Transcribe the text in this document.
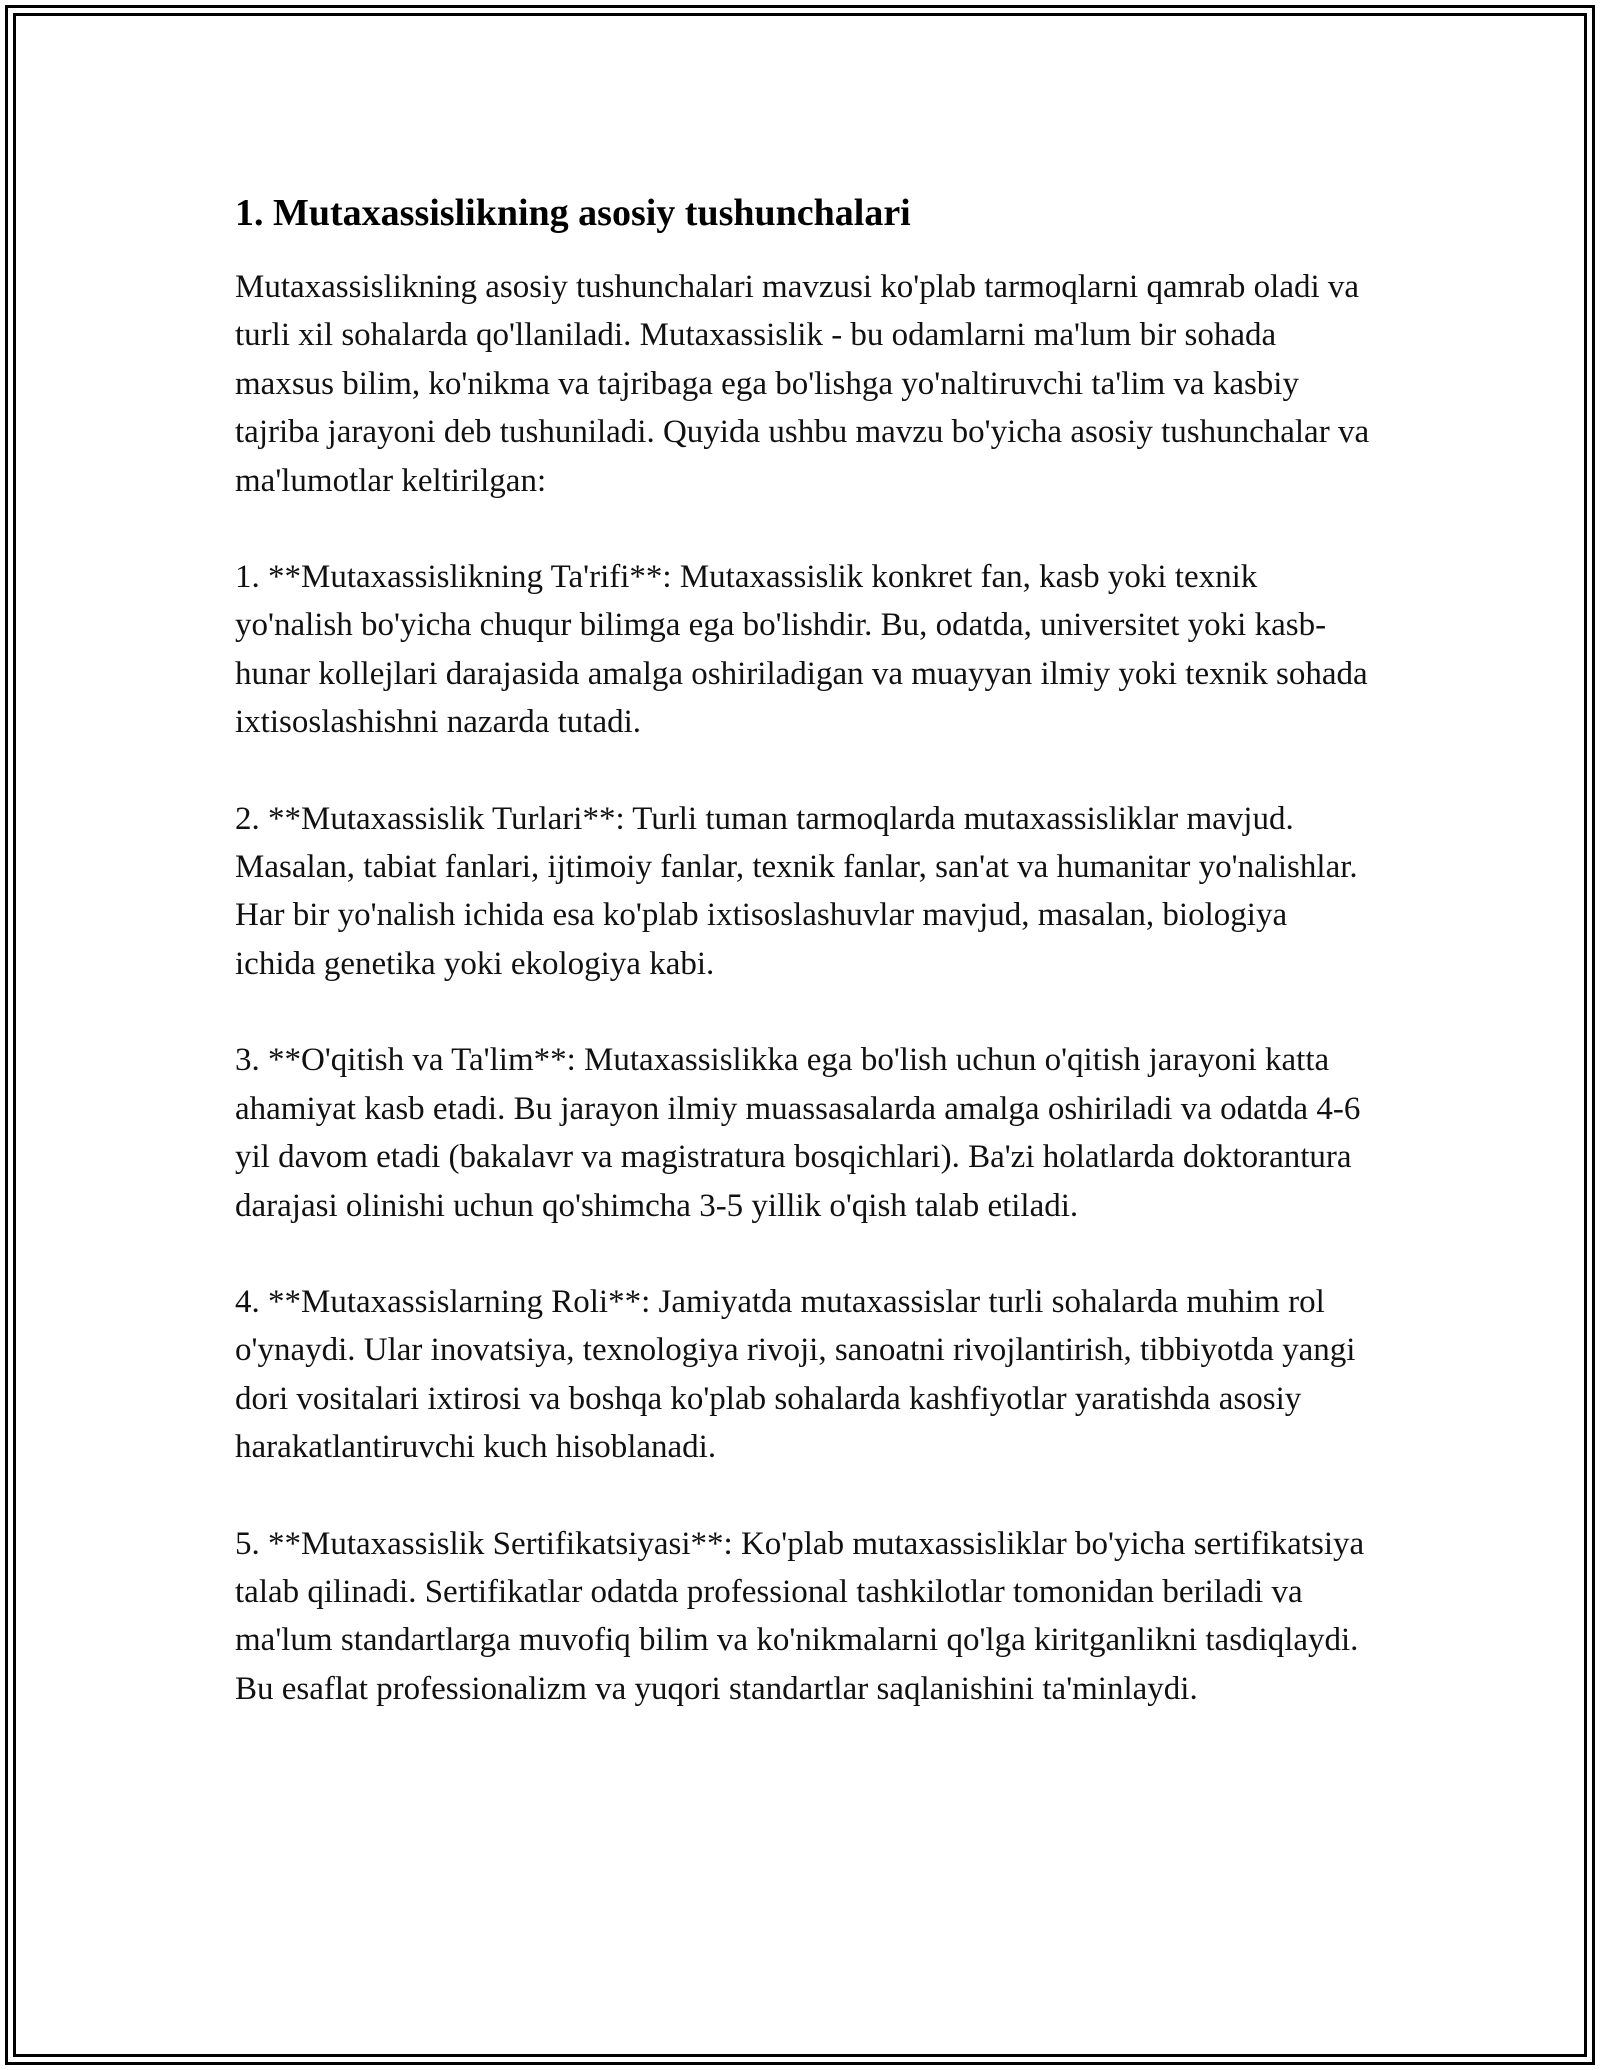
1. Mutaxassislikning asosiy tushunchalari

Mutaxassislikning asosiy tushunchalari mavzusi ko'plab tarmoqlarni qamrab oladi va turli xil sohalarda qo'llaniladi. Mutaxassislik - bu odamlarni ma'lum bir sohada maxsus bilim, ko'nikma va tajribaga ega bo'lishga yo'naltiruvchi ta'lim va kasbiy tajriba jarayoni deb tushuniladi. Quyida ushbu mavzu bo'yicha asosiy tushunchalar va ma'lumotlar keltirilgan:

1. **Mutaxassislikning Ta'rifi**: Mutaxassislik konkret fan, kasb yoki texnik yo'nalish bo'yicha chuqur bilimga ega bo'lishdir. Bu, odatda, universitet yoki kasb-hunar kollejlari darajasida amalga oshiriladigan va muayyan ilmiy yoki texnik sohada ixtisoslashishni nazarda tutadi.

2. **Mutaxassislik Turlari**: Turli tuman tarmoqlarda mutaxassisliklar mavjud. Masalan, tabiat fanlari, ijtimoiy fanlar, texnik fanlar, san'at va humanitar yo'nalishlar. Har bir yo'nalish ichida esa ko'plab ixtisoslashuvlar mavjud, masalan, biologiya ichida genetika yoki ekologiya kabi.

3. **O'qitish va Ta'lim**: Mutaxassislikka ega bo'lish uchun o'qitish jarayoni katta ahamiyat kasb etadi. Bu jarayon ilmiy muassasalarda amalga oshiriladi va odatda 4-6 yil davom etadi (bakalavr va magistratura bosqichlari). Ba'zi holatlarda doktorantura darajasi olinishi uchun qo'shimcha 3-5 yillik o'qish talab etiladi.

4. **Mutaxassislarning Roli**: Jamiyatda mutaxassislar turli sohalarda muhim rol o'ynaydi. Ular inovatsiya, texnologiya rivoji, sanoatni rivojlantirish, tibbiyotda yangi dori vositalari ixtirosi va boshqa ko'plab sohalarda kashfiyotlar yaratishda asosiy harakatlantiruvchi kuch hisoblanadi.

5. **Mutaxassislik Sertifikatsiyasi**: Ko'plab mutaxassisliklar bo'yicha sertifikatsiya talab qilinadi. Sertifikatlar odatda professional tashkilotlar tomonidan beriladi va ma'lum standartlarga muvofiq bilim va ko'nikmalarni qo'lga kiritganlikni tasdiqlaydi. Bu esaflat professionalizm va yuqori standartlar saqlanishini ta'minlaydi.
